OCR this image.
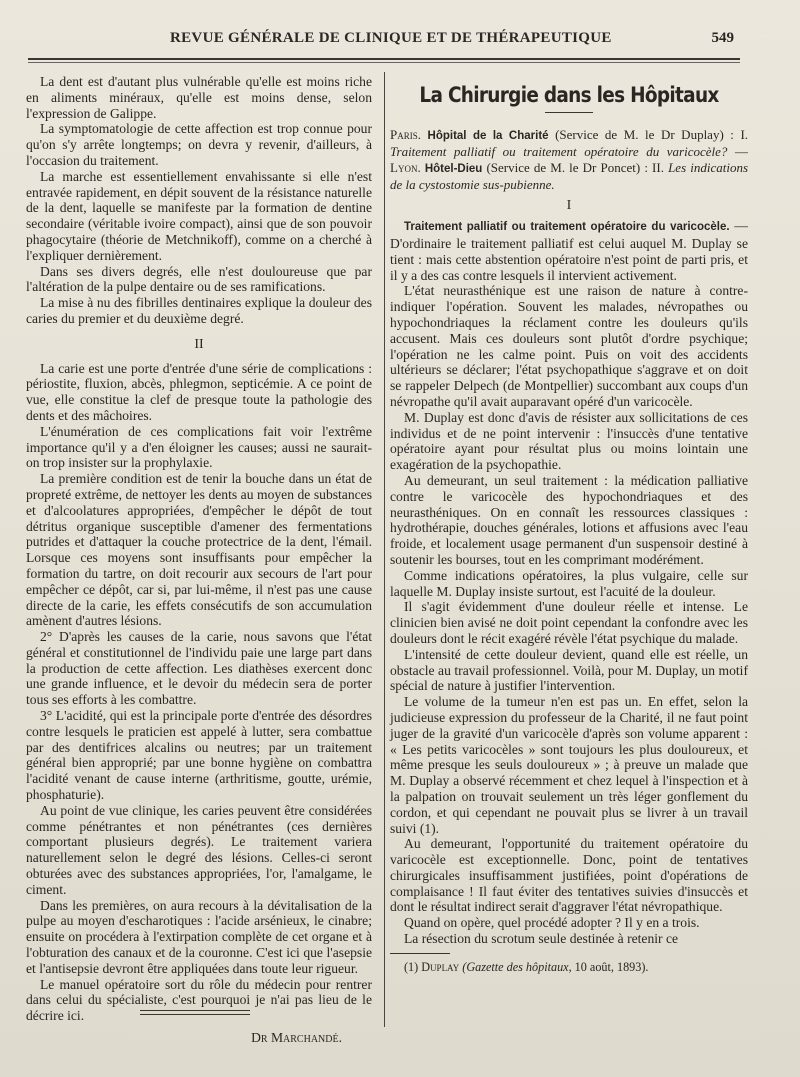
REVUE GÉNÉRALE DE CLINIQUE ET DE THÉRAPEUTIQUE	549

La dent est d'autant plus vulnérable qu'elle est moins riche en aliments minéraux, qu'elle est moins dense, selon l'expression de Galippe.

La symptomatologie de cette affection est trop connue pour qu'on s'y arrête longtemps; on devra y revenir, d'ailleurs, à l'occasion du traitement.

La marche est essentiellement envahissante si elle n'est entravée rapidement, en dépit souvent de la résistance naturelle de la dent, laquelle se manifeste par la formation de dentine secondaire (véritable ivoire compact), ainsi que de son pouvoir phagocytaire (théorie de Metchnikoff), comme on a cherché à l'expliquer dernièrement.

Dans ses divers degrés, elle n'est douloureuse que par l'altération de la pulpe dentaire ou de ses ramifications.

La mise à nu des fibrilles dentinaires explique la douleur des caries du premier et du deuxième degré.

II

La carie est une porte d'entrée d'une série de complications : périostite, fluxion, abcès, phlegmon, septicémie. A ce point de vue, elle constitue la clef de presque toute la pathologie des dents et des mâchoires.

L'énumération de ces complications fait voir l'extrême importance qu'il y a d'en éloigner les causes; aussi ne saurait-on trop insister sur la prophylaxie.

La première condition est de tenir la bouche dans un état de propreté extrême, de nettoyer les dents au moyen de substances et d'alcoolatures appropriées, d'empêcher le dépôt de tout détritus organique susceptible d'amener des fermentations putrides et d'attaquer la couche protectrice de la dent, l'émail. Lorsque ces moyens sont insuffisants pour empêcher la formation du tartre, on doit recourir aux secours de l'art pour empêcher ce dépôt, car si, par lui-même, il n'est pas une cause directe de la carie, les effets consécutifs de son accumulation amènent d'autres lésions.

2° D'après les causes de la carie, nous savons que l'état général et constitutionnel de l'individu paie une large part dans la production de cette affection. Les diathèses exercent donc une grande influence, et le devoir du médecin sera de porter tous ses efforts à les combattre.

3° L'acidité, qui est la principale porte d'entrée des désordres contre lesquels le praticien est appelé à lutter, sera combattue par des dentifrices alcalins ou neutres; par un traitement général bien approprié; par une bonne hygiène on combattra l'acidité venant de cause interne (arthritisme, goutte, urémie, phosphaturie).

Au point de vue clinique, les caries peuvent être considérées comme pénétrantes et non pénétrantes (ces dernières comportant plusieurs degrés). Le traitement variera naturellement selon le degré des lésions. Celles-ci seront obturées avec des substances appropriées, l'or, l'amalgame, le ciment.

Dans les premières, on aura recours à la dévitalisation de la pulpe au moyen d'escharotiques : l'acide arsénieux, le cinabre; ensuite on procédera à l'extirpation complète de cet organe et à l'obturation des canaux et de la couronne. C'est ici que l'asepsie et l'antisepsie devront être appliquées dans toute leur rigueur.

Le manuel opératoire sort du rôle du médecin pour rentrer dans celui du spécialiste, c'est pourquoi je n'ai pas lieu de le décrire ici.

Dr Marchandé.
La Chirurgie dans les Hôpitaux

Paris. Hôpital de la Charité (Service de M. le Dr Duplay) : I. Traitement palliatif ou traitement opératoire du varicocèle? — Lyon. Hôtel-Dieu (Service de M. le Dr Poncet) : II. Les indications de la cystostomie sus-pubienne.

I

Traitement palliatif ou traitement opératoire du varicocèle. — D'ordinaire le traitement palliatif est celui auquel M. Duplay se tient : mais cette abstention opératoire n'est point de parti pris, et il y a des cas contre lesquels il intervient activement.

L'état neurasthénique est une raison de nature à contre-indiquer l'opération. Souvent les malades, névropathes ou hypochondriaques la réclament contre les douleurs qu'ils accusent. Mais ces douleurs sont plutôt d'ordre psychique; l'opération ne les calme point. Puis on voit des accidents ultérieurs se déclarer; l'état psychopathique s'aggrave et on doit se rappeler Delpech (de Montpellier) succombant aux coups d'un névropathe qu'il avait auparavant opéré d'un varicocèle.

M. Duplay est donc d'avis de résister aux sollicitations de ces individus et de ne point intervenir : l'insuccès d'une tentative opératoire ayant pour résultat plus ou moins lointain une exagération de la psychopathie.

Au demeurant, un seul traitement : la médication palliative contre le varicocèle des hypochondriaques et des neurasthéniques. On en connaît les ressources classiques : hydrothérapie, douches générales, lotions et affusions avec l'eau froide, et localement usage permanent d'un suspensoir destiné à soutenir les bourses, tout en les comprimant modérément.

Comme indications opératoires, la plus vulgaire, celle sur laquelle M. Duplay insiste surtout, est l'acuité de la douleur.

Il s'agit évidemment d'une douleur réelle et intense. Le clinicien bien avisé ne doit point cependant la confondre avec les douleurs dont le récit exagéré révèle l'état psychique du malade.

L'intensité de cette douleur devient, quand elle est réelle, un obstacle au travail professionnel. Voilà, pour M. Duplay, un motif spécial de nature à justifier l'intervention.

Le volume de la tumeur n'en est pas un. En effet, selon la judicieuse expression du professeur de la Charité, il ne faut point juger de la gravité d'un varicocèle d'après son volume apparent : « Les petits varicocèles » sont toujours les plus douloureux, et même presque les seuls douloureux » ; à preuve un malade que M. Duplay a observé récemment et chez lequel à l'inspection et à la palpation on trouvait seulement un très léger gonflement du cordon, et qui cependant ne pouvait plus se livrer à un travail suivi (1).

Au demeurant, l'opportunité du traitement opératoire du varicocèle est exceptionnelle. Donc, point de tentatives chirurgicales insuffisamment justifiées, point d'opérations de complaisance ! Il faut éviter des tentatives suivies d'insuccès et dont le résultat indirect serait d'aggraver l'état névropathique.

Quand on opère, quel procédé adopter ? Il y en a trois.

La résection du scrotum seule destinée à retenir ce

(1) Duplay (Gazette des hôpitaux, 10 août, 1893).
